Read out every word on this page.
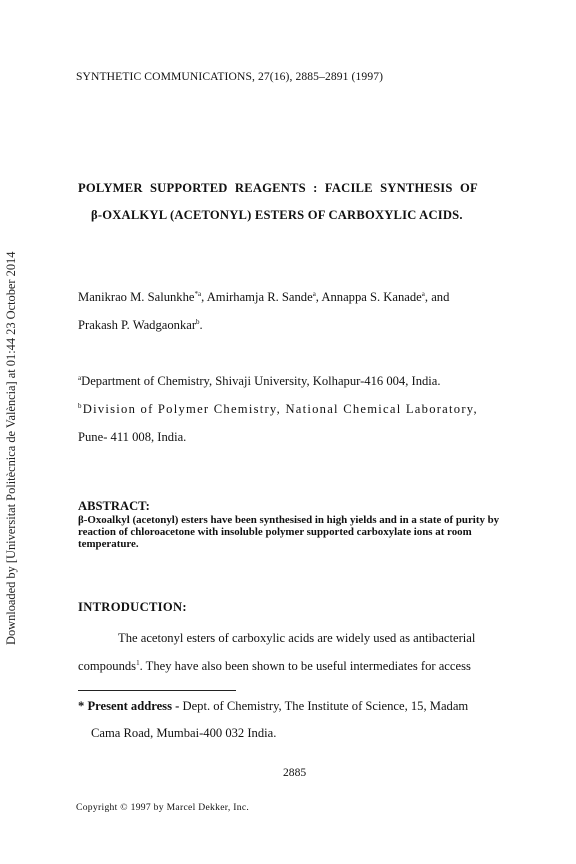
Downloaded by [Universitat Politècnica de València] at 01:44 23 October 2014
SYNTHETIC COMMUNICATIONS, 27(16), 2885–2891 (1997)
POLYMER SUPPORTED REAGENTS : FACILE SYNTHESIS OF
β-OXALKYL (ACETONYL) ESTERS OF CARBOXYLIC ACIDS.
Manikrao M. Salunkhe$^{*a}$, Amirhamja R. Sande$^a$, Annappa S. Kanade$^a$, and
Prakash P. Wadgaonkar$^b$.
$^a$Department of Chemistry, Shivaji University, Kolhapur-416 004, India.
$^b$Division of Polymer Chemistry, National Chemical Laboratory,
Pune- 411 008, India.
ABSTRACT:
β-Oxoalkyl (acetonyl) esters have been synthesised in high yields and in a state of purity by reaction of chloroacetone with insoluble polymer supported carboxylate ions at room temperature.
INTRODUCTION:
The acetonyl esters of carboxylic acids are widely used as antibacterial
compounds$^1$. They have also been shown to be useful intermediates for access
* Present address - Dept. of Chemistry, The Institute of Science, 15, Madam
Cama Road, Mumbai-400 032 India.
2885
Copyright © 1997 by Marcel Dekker, Inc.
